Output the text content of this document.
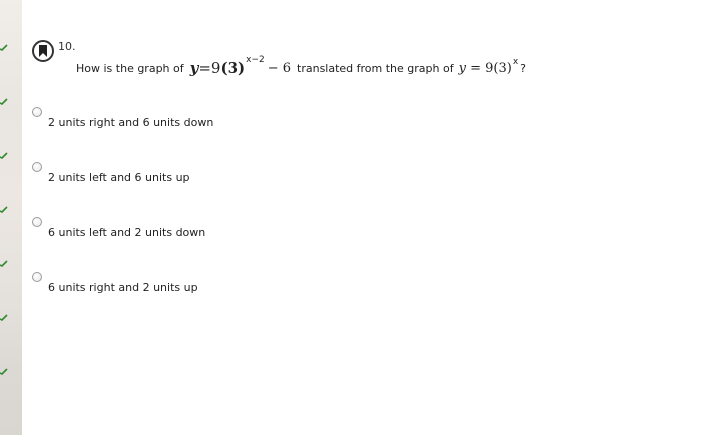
10.
How is the graph of y =9 $(3)^{x-2}$
− 6 translated from the graph of y
= 9 $(3)^x$ ?
2 units right and 6 units down
2 units left and 6 units up
6 units left and 2 units down
6 units right and 2 units up
